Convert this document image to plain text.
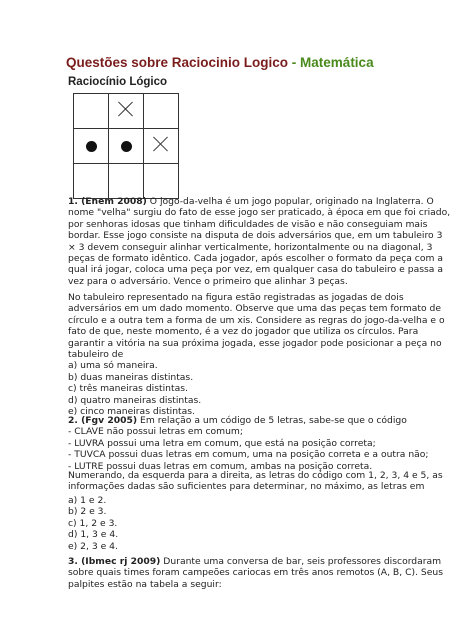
Questões sobre Raciocinio Logico - Matemática
Raciocínio Lógico

1. (Enem 2008) O jogo-da-velha é um jogo popular, originado na Inglaterra. O
nome "velha" surgiu do fato de esse jogo ser praticado, à época em que foi criado,
por senhoras idosas que tinham dificuldades de visão e não conseguiam mais
bordar. Esse jogo consiste na disputa de dois adversários que, em um tabuleiro 3
× 3 devem conseguir alinhar verticalmente, horizontalmente ou na diagonal, 3
peças de formato idêntico. Cada jogador, após escolher o formato da peça com a
qual irá jogar, coloca uma peça por vez, em qualquer casa do tabuleiro e passa a
vez para o adversário. Vence o primeiro que alinhar 3 peças.
No tabuleiro representado na figura estão registradas as jogadas de dois
adversários em um dado momento. Observe que uma das peças tem formato de
círculo e a outra tem a forma de um xis. Considere as regras do jogo-da-velha e o
fato de que, neste momento, é a vez do jogador que utiliza os círculos. Para
garantir a vitória na sua próxima jogada, esse jogador pode posicionar a peça no
tabuleiro de
a) uma só maneira.
b) duas maneiras distintas.
c) três maneiras distintas.
d) quatro maneiras distintas.
e) cinco maneiras distintas.
2. (Fgv 2005) Em relação a um código de 5 letras, sabe-se que o código
- CLAVE não possui letras em comum;
- LUVRA possui uma letra em comum, que está na posição correta;
- TUVCA possui duas letras em comum, uma na posição correta e a outra não;
- LUTRE possui duas letras em comum, ambas na posição correta.
Numerando, da esquerda para a direita, as letras do código com 1, 2, 3, 4 e 5, as
informações dadas são suficientes para determinar, no máximo, as letras em
a) 1 e 2.
b) 2 e 3.
c) 1, 2 e 3.
d) 1, 3 e 4.
e) 2, 3 e 4.
3. (Ibmec rj 2009) Durante uma conversa de bar, seis professores discordaram
sobre quais times foram campeões cariocas em três anos remotos (A, B, C). Seus
palpites estão na tabela a seguir:
